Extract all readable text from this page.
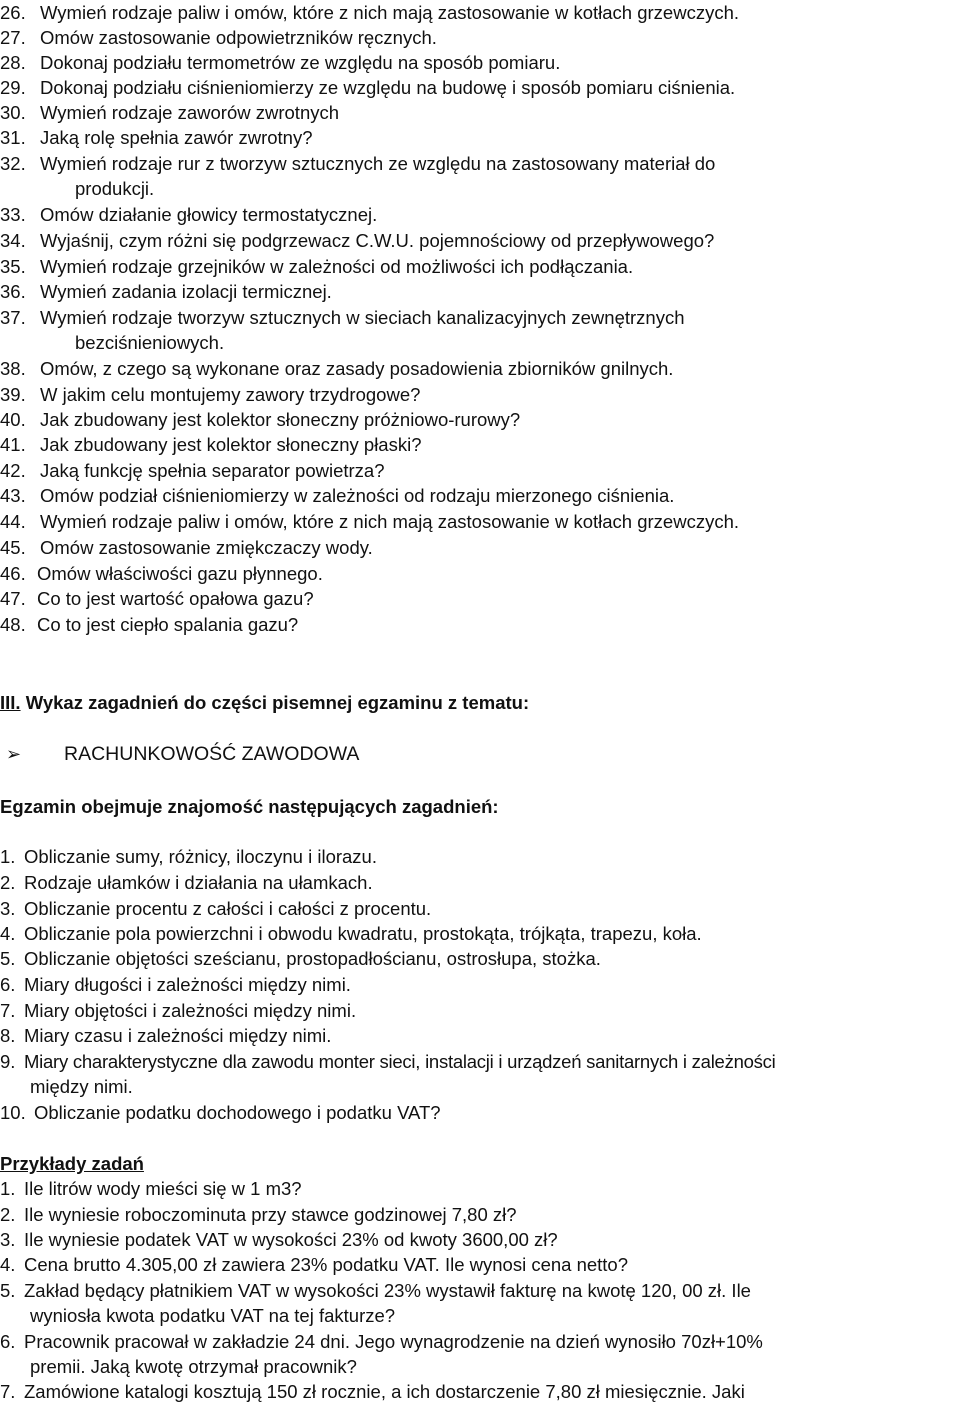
26. Wymień rodzaje paliw i omów, które z nich mają zastosowanie w kotłach grzewczych.
27. Omów zastosowanie odpowietrzników ręcznych.
28. Dokonaj podziału termometrów ze względu na sposób pomiaru.
29. Dokonaj podziału ciśnieniomierzy ze względu na budowę i sposób pomiaru ciśnienia.
30. Wymień rodzaje zaworów zwrotnych
31. Jaką rolę spełnia zawór zwrotny?
32. Wymień rodzaje rur z tworzyw sztucznych ze względu na zastosowany materiał do
produkcji.
33. Omów działanie głowicy termostatycznej.
34. Wyjaśnij, czym różni się podgrzewacz C.W.U. pojemnościowy od przepływowego?
35. Wymień rodzaje grzejników w zależności od możliwości ich podłączania.
36. Wymień zadania izolacji termicznej.
37. Wymień rodzaje tworzyw sztucznych w sieciach kanalizacyjnych zewnętrznych
bezciśnieniowych.
38. Omów, z czego są wykonane oraz zasady posadowienia zbiorników gnilnych.
39. W jakim celu montujemy zawory trzydrogowe?
40. Jak zbudowany jest kolektor słoneczny próżniowo-rurowy?
41. Jak zbudowany jest kolektor słoneczny płaski?
42. Jaką funkcję spełnia separator powietrza?
43. Omów podział ciśnieniomierzy w zależności od rodzaju mierzonego ciśnienia.
44. Wymień rodzaje paliw i omów, które z nich mają zastosowanie w kotłach grzewczych.
45. Omów zastosowanie zmiękczaczy wody.
46. Omów właściwości gazu płynnego.
47. Co to jest wartość opałowa gazu?
48. Co to jest ciepło spalania gazu?
III. Wykaz zagadnień do części pisemnej egzaminu z tematu:
➢ RACHUNKOWOŚĆ ZAWODOWA
Egzamin obejmuje znajomość następujących zagadnień:
1. Obliczanie sumy, różnicy, iloczynu i ilorazu.
2. Rodzaje ułamków i działania na ułamkach.
3. Obliczanie procentu z całości i całości z procentu.
4. Obliczanie pola powierzchni i obwodu kwadratu, prostokąta, trójkąta, trapezu, koła.
5. Obliczanie objętości sześcianu, prostopadłościanu, ostrosłupa, stożka.
6. Miary długości i zależności między nimi.
7. Miary objętości i zależności między nimi.
8. Miary czasu i zależności między nimi.
9. Miary charakterystyczne dla zawodu monter sieci, instalacji i urządzeń sanitarnych i zależności
między nimi.
10. Obliczanie podatku dochodowego i podatku VAT?
Przykłady zadań
1. Ile litrów wody mieści się w 1 m3?
2. Ile wyniesie roboczominuta przy stawce godzinowej 7,80 zł?
3. Ile wyniesie podatek VAT w wysokości 23% od kwoty 3600,00 zł?
4. Cena brutto 4.305,00 zł zawiera 23% podatku VAT. Ile wynosi cena netto?
5. Zakład będący płatnikiem VAT w wysokości 23% wystawił fakturę na kwotę 120, 00 zł. Ile
wyniosła kwota podatku VAT na tej fakturze?
6. Pracownik pracował w zakładzie 24 dni. Jego wynagrodzenie na dzień wynosiło 70zł+10%
premii. Jaką kwotę otrzymał pracownik?
7. Zamówione katalogi kosztują 150 zł rocznie, a ich dostarczenie 7,80 zł miesięcznie. Jaki
